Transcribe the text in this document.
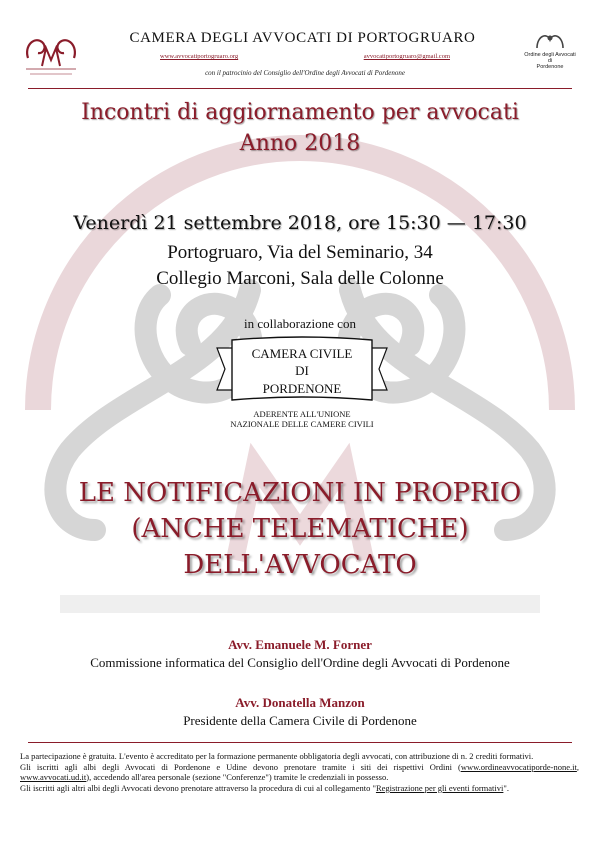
CAMERA DEGLI AVVOCATI DI PORTOGRUARO
www.avvocatiportogruaro.org	avvocatiportogruaro@gmail.com
con il patrocinio del Consiglio dell'Ordine degli Avvocati di Pordenone
Ordine degli Avvocati
di
Pordenone
Incontri di aggiornamento per avvocati
Anno 2018
Venerdì 21 settembre 2018, ore 15:30 — 17:30
Portogruaro, Via del Seminario, 34
Collegio Marconi, Sala delle Colonne
in collaborazione con
CAMERA CIVILE
DI
PORDENONE
ADERENTE ALL'UNIONE NAZIONALE DELLE CAMERE CIVILI
LE NOTIFICAZIONI IN PROPRIO
(ANCHE TELEMATICHE)
DELL'AVVOCATO
Avv. Emanuele M. Forner
Commissione informatica del Consiglio dell'Ordine degli Avvocati di Pordenone
Avv. Donatella Manzon
Presidente della Camera Civile di Pordenone

La partecipazione è gratuita. L'evento è accreditato per la formazione permanente obbligatoria degli avvocati, con attribuzione di n. 2 crediti formativi.

Gli iscritti agli albi degli Avvocati di Pordenone e Udine devono prenotare tramite i siti dei rispettivi Ordini (www.ordineavvocatiporde-none.it, www.avvocati.ud.it), accedendo all'area personale (sezione "Conferenze") tramite le credenziali in possesso.

Gli iscritti agli altri albi degli Avvocati devono prenotare attraverso la procedura di cui al collegamento "Registrazione per gli eventi formativi".
